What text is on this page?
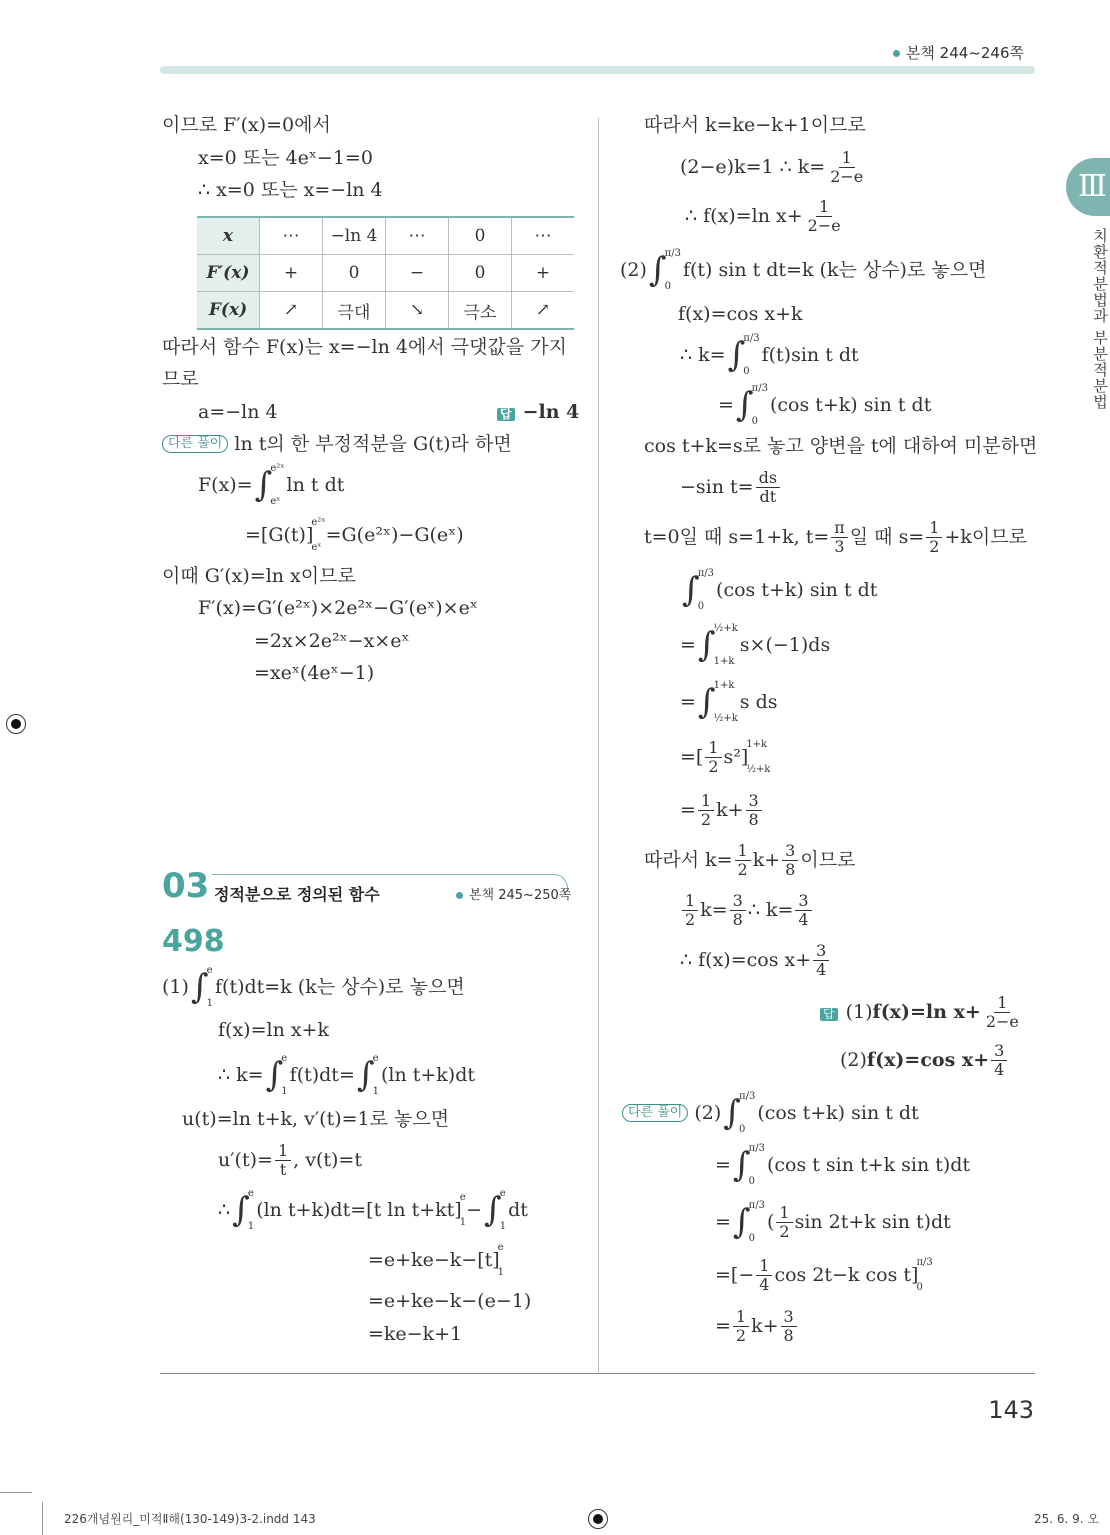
본책 244~246쪽
Ⅲ
치환적분법과 부분적분법
x	⋯	−ln 4	⋯	0	⋯
F′(x)	+	0	−	0	+
F(x)	↗	극대	↘	극소	↗
03 정적분으로 정의된 함수	본책 245~250쪽
498
이므로 F′(x)=0에서
x=0 또는 4eˣ−1=0
∴ x=0 또는 x=−ln 4
따라서 함수 F(x)는 x=−ln 4에서 극댓값을 가지
므로
a=−ln 4	답 −ln 4
다른 풀이 ln t의 한 부정적분을 G(t)라 하면
F(x)= ∫
e²ˣ
eˣ
ln t dt
=[G(t)]
e²ˣ
eˣ
=G(e²ˣ)−G(eˣ)
이때 G′(x)=ln x이므로
F′(x)=G′(e²ˣ)×2e²ˣ−G′(eˣ)×eˣ
=2x×2e²ˣ−x×eˣ
=xeˣ(4eˣ−1)
(1) ∫
e
1
f(t)dt=k (k는 상수)로 놓으면
f(x)=ln x+k
∴ k= ∫
e
1
f(t)dt= ∫
e
1
(ln t+k)dt
u(t)=ln t+k, v′(t)=1로 놓으면
$u'(t)= \frac{1}{t}$ , v(t)=t
∴ ∫
e
1
(ln t+k)dt=[t ln t+kt]
e
1
− ∫
e
1
dt
=e+ke−k−[t]
e
1
=e+ke−k−(e−1)
=ke−k+1
따라서 k=ke−k+1이므로
(2−e)k=1 ∴ $k= \frac{1}{2-e}$
∴ f(x)=ln $x+ \frac{1}{2-e}$
(2) ∫
π/3
0
f(t) sin t dt=k (k는 상수)로 놓으면
f(x)=cos x+k
∴ k= ∫
π/3
0
f(t)sin t dt
= ∫
π/3
0
(cos t+k) sin t dt
cos t+k=s로 놓고 양변을 t에 대하여 미분하면
−sin $t= \frac{ds}{dt}$
t=0일 때 s=1+k, $t= \frac{\pi}{3}$ 일 때 $s= \frac{1}{2} +k$이므로
∫
π/3
0
(cos t+k) sin t dt
= ∫
½+k
1+k
s×(−1)ds
= ∫
1+k
½+k
s ds
=[ $\frac{1}{2} s^2$]
1+k
½+k
= $\frac{1}{2} k+ \frac{3}{8}$
따라서 $k= \frac{1}{2} k+ \frac{3}{8}$ 이므로
$\frac{1}{2} k= \frac{3}{8}$ ∴ $k= \frac{3}{4}$
∴ f(x)=cos $x+ \frac{3}{4}$
답 (1) f(x)=ln $x+ \frac{1}{2-e}$
(2) f(x)=cos $x+ \frac{3}{4}$
다른 풀이 (2) ∫
π/3
0
(cos t+k) sin t dt
= ∫
π/3
0
(cos t sin t+k sin t)dt
= ∫
π/3
0
( $\frac{1}{2}$ sin 2t+k sin t)dt
=[− $\frac{1}{4}$ cos 2t−k cos t]
π/3
0
= $\frac{1}{2} k+ \frac{3}{8}$
143
226개념원리_미적Ⅱ해(130-149)3-2.indd 143	25. 6. 9. 오
